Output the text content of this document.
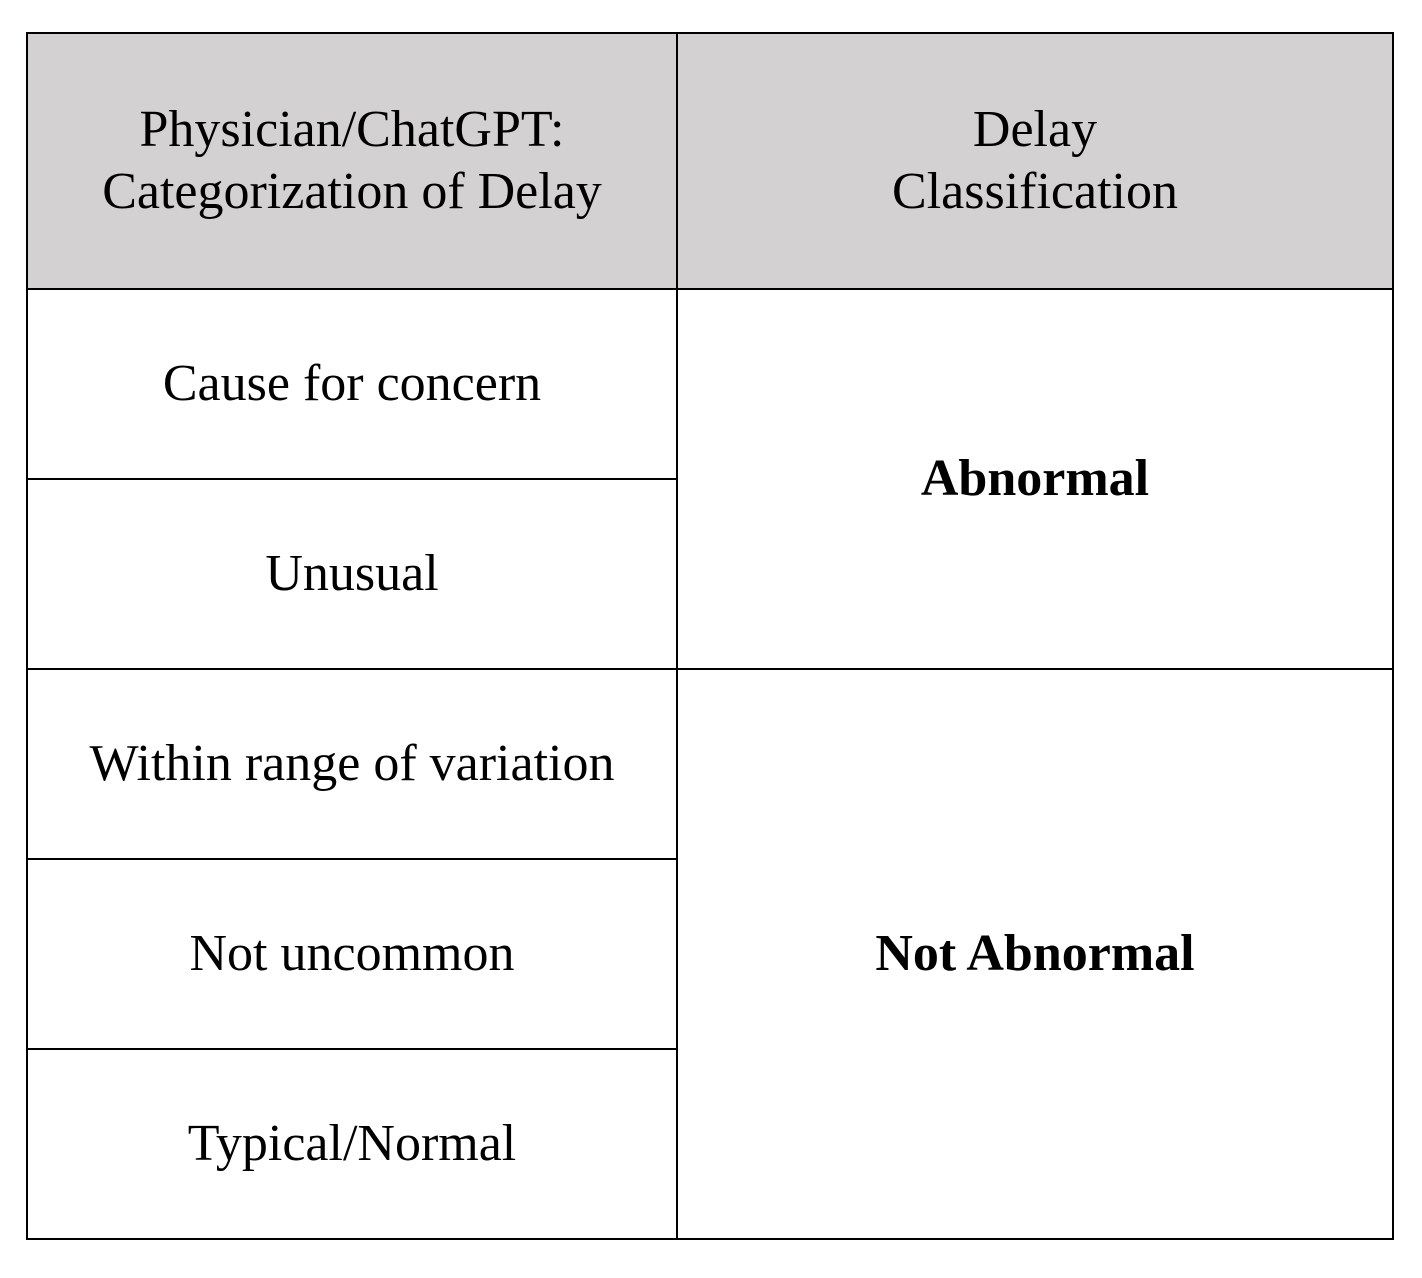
Physician/ChatGPT:
Categorization of Delay	Delay
Classification

Cause for concern	Abnormal
Unusual	
Within range of variation	Not Abnormal
Not uncommon	
Typical/Normal	
